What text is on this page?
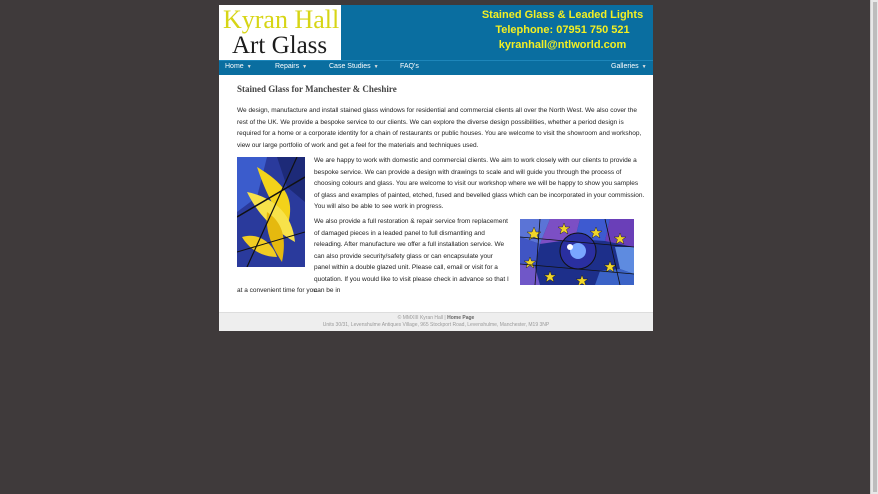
Kyran Hall
Art Glass
Stained Glass & Leaded Lights
Telephone: 07951 750 521
kyranhall@ntlworld.com
Home ▼	Repairs ▼	Case Studies ▼	FAQ's	Galleries ▼
Stained Glass for Manchester & Cheshire

We design, manufacture and install stained glass windows for residential and commercial clients all over the North West. We also cover the rest of the UK. We provide a bespoke service to our clients. We can explore the diverse design possibilities, whether a period design is required for a home or a corporate identity for a chain of restaurants or public houses. You are welcome to visit the showroom and workshop, view our large portfolio of work and get a feel for the materials and techniques used.

We are happy to work with domestic and commercial clients. We aim to work closely with our clients to provide a bespoke service. We can provide a design with drawings to scale and will guide you through the process of choosing colours and glass. You are welcome to visit our workshop where we will be happy to show you samples of glass and examples of painted, etched, fused and bevelled glass which can be incorporated in your commission. You will also be able to see work in progress.

We also provide a full restoration & repair service from replacement of damaged pieces in a leaded panel to full dismantling and releading. After manufacture we offer a full installation service. We can also provide security/safety glass or can encapsulate your panel within a double glazed unit. Please call, email or visit for a quotation. If you would like to visit please check in advance so that I can be in

at a convenient time for you.

© MMXIII Kyran Hall | Home Page
Units 30/31, Levenshulme Antiques Village, 965 Stockport Road, Levenshulme, Manchester, M19 3NP
